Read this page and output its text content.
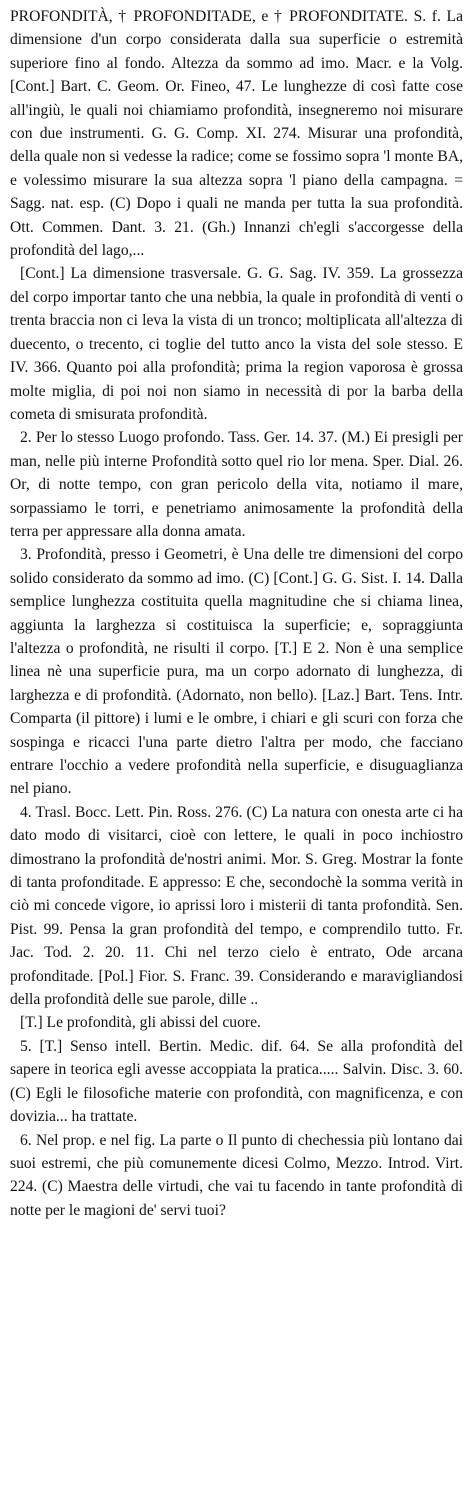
PROFONDITÀ, † PROFONDITADE, e † PROFONDITATE. S. f. La dimensione d'un corpo considerata dalla sua superficie o estremità superiore fino al fondo. Altezza da sommo ad imo. Macr. e la Volg. [Cont.] Bart. C. Geom. Or. Fineo, 47. Le lunghezze di così fatte cose all'ingiù, le quali noi chiamiamo profondità, insegneremo noi misurare con due instrumenti. G. G. Comp. XI. 274. Misurar una profondità, della quale non si vedesse la radice; come se fossimo sopra 'l monte BA, e volessimo misurare la sua altezza sopra 'l piano della campagna. = Sagg. nat. esp. (C) Dopo i quali ne manda per tutta la sua profondità. Ott. Commen. Dant. 3. 21. (Gh.) Innanzi ch'egli s'accorgesse della profondità del lago,...

[Cont.] La dimensione trasversale. G. G. Sag. IV. 359. La grossezza del corpo importar tanto che una nebbia, la quale in profondità di venti o trenta braccia non ci leva la vista di un tronco; moltiplicata all'altezza di duecento, o trecento, ci toglie del tutto anco la vista del sole stesso. E IV. 366. Quanto poi alla profondità; prima la region vaporosa è grossa molte miglia, di poi noi non siamo in necessità di por la barba della cometa di smisurata profondità.

2. Per lo stesso Luogo profondo. Tass. Ger. 14. 37. (M.) Ei presigli per man, nelle più interne Profondità sotto quel rio lor mena. Sper. Dial. 26. Or, di notte tempo, con gran pericolo della vita, notiamo il mare, sorpassiamo le torri, e penetriamo animosamente la profondità della terra per appressare alla donna amata.

3. Profondità, presso i Geometri, è Una delle tre dimensioni del corpo solido considerato da sommo ad imo. (C) [Cont.] G. G. Sist. I. 14. Dalla semplice lunghezza costituita quella magnitudine che si chiama linea, aggiunta la larghezza si costituisca la superficie; e, sopraggiunta l'altezza o profondità, ne risulti il corpo. [T.] E 2. Non è una semplice linea nè una superficie pura, ma un corpo adornato di lunghezza, di larghezza e di profondità. (Adornato, non bello). [Laz.] Bart. Tens. Intr. Comparta (il pittore) i lumi e le ombre, i chiari e gli scuri con forza che sospinga e ricacci l'una parte dietro l'altra per modo, che facciano entrare l'occhio a vedere profondità nella superficie, e disuguaglianza nel piano.

4. Trasl. Bocc. Lett. Pin. Ross. 276. (C) La natura con onesta arte ci ha dato modo di visitarci, cioè con lettere, le quali in poco inchiostro dimostrano la profondità de'nostri animi. Mor. S. Greg. Mostrar la fonte di tanta profonditade. E appresso: E che, secondochè la somma verità in ciò mi concede vigore, io aprissi loro i misterii di tanta profondità. Sen. Pist. 99. Pensa la gran profondità del tempo, e comprendilo tutto. Fr. Jac. Tod. 2. 20. 11. Chi nel terzo cielo è entrato, Ode arcana profonditade. [Pol.] Fior. S. Franc. 39. Considerando e maravigliandosi della profondità delle sue parole, dille ..

[T.] Le profondità, gli abissi del cuore.

5. [T.] Senso intell. Bertin. Medic. dif. 64. Se alla profondità del sapere in teorica egli avesse accoppiata la pratica..... Salvin. Disc. 3. 60. (C) Egli le filosofiche materie con profondità, con magnificenza, e con dovizia... ha trattate.

6. Nel prop. e nel fig. La parte o Il punto di chechessia più lontano dai suoi estremi, che più comunemente dicesi Colmo, Mezzo. Introd. Virt. 224. (C) Maestra delle virtudi, che vai tu facendo in tante profondità di notte per le magioni de' servi tuoi?
